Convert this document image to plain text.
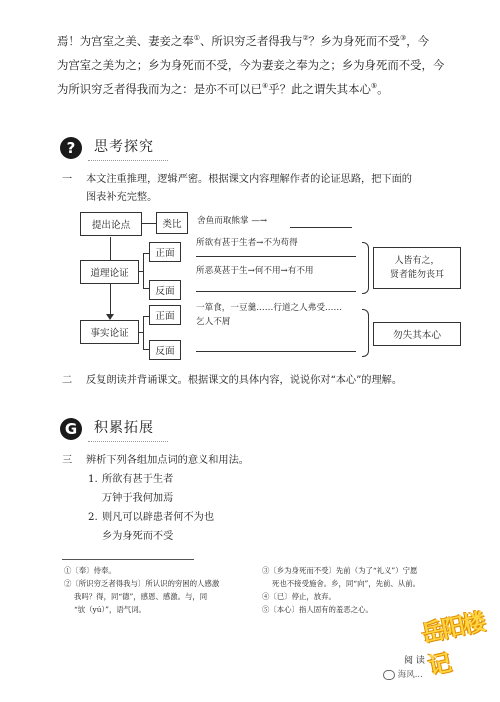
焉！为宫室之美、妻妾之奉①、所识穷乏者得我与②？乡为身死而不受③，今
为宫室之美为之；乡为身死而不受，今为妻妾之奉为之；乡为身死而不受，今
为所识穷乏者得我而为之：是亦不可以已④乎？此之谓失其本心⑤。
?	思考探究
一 本文注重推理，逻辑严密。根据课文内容理解作者的论证思路，把下面的
图表补充完整。
提出论点	类比	舍鱼而取熊掌 —→
道理论证
正面
所欲有甚于生者→不为苟得
反面
所恶莫甚于生→何不用→有不用
人皆有之，
贤者能勿丧耳
事实论证
正面
一箪食，一豆羹……行道之人弗受……
乞人不屑
反面
勿失其本心
二 反复朗读并背诵课文。根据课文的具体内容，说说你对“本心”的理解。
G	积累拓展
三 辨析下列各组加点词的意义和用法。
1. 所欲有甚于生者
万钟于我何加焉
2. 则凡可以辟患者何不为也
乡为身死而不受
①〔奉〕侍奉。
②〔所识穷乏者得我与〕所认识的穷困的人感激
我吗？得，同“德”，感恩、感激。与，同
“欤（yú）”，语气词。
③〔乡为身死而不受〕先前（为了“礼义”）宁愿
死也不接受施舍。乡，同“向”，先前、从前。
④〔已〕停止，放弃。
⑤〔本心〕指人固有的羞恶之心。
阅 读
海风...
岳阳楼记
